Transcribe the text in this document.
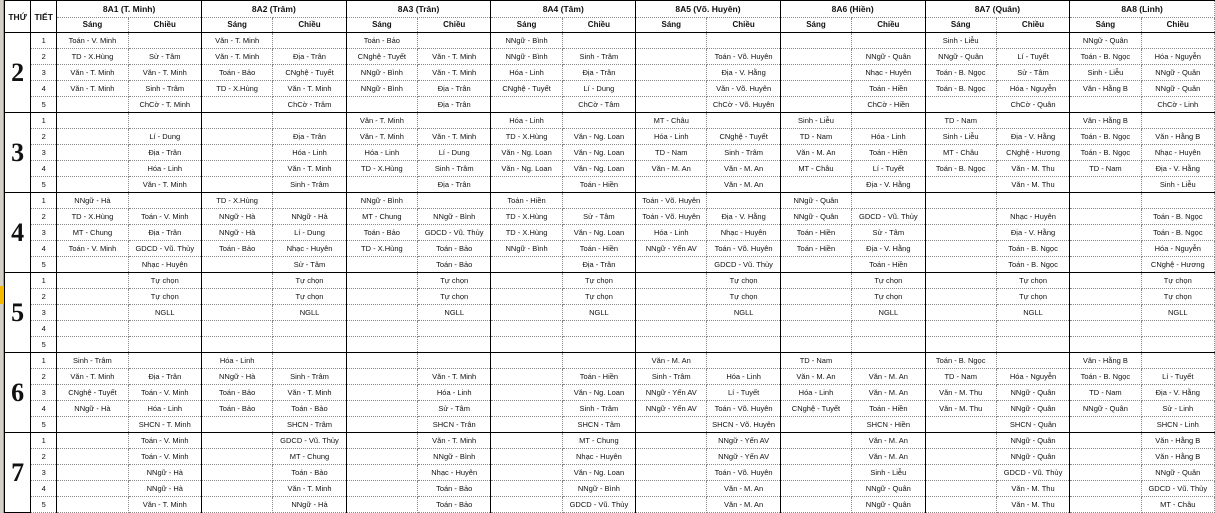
THỨ	TIẾT	8A1 (T. Minh)		8A2 (Trâm)		8A3 (Trân)		8A4 (Tâm)		8A5 (Võ. Huyên)		8A6 (Hiền)		8A7 (Quân)		8A8 (Linh)	
		Sáng	Chiều	Sáng	Chiều	Sáng	Chiều	Sáng	Chiều	Sáng	Chiều	Sáng	Chiều	Sáng	Chiều	Sáng	Chiều
2	1	Toán - V. Minh		Văn - T. Minh		Toán - Bảo		NNgữ - Bình						Sinh - Liễu		NNgữ - Quân	
	2	TD - X.Hùng	Sử - Tâm	Văn - T. Minh	Địa - Trân	CNghệ - Tuyết	Văn - T. Minh	NNgữ - Bình	Sinh - Trâm		Toán - Võ. Huyên		NNgữ - Quân	NNgữ - Quân	Lí - Tuyết	Toán - B. Ngọc	Hóa - Nguyễn
	3	Văn - T. Minh	Văn - T. Minh	Toán - Bảo	CNghệ - Tuyết	NNgữ - Bình	Văn - T. Minh	Hóa - Linh	Địa - Trân		Địa - V. Hằng		Nhạc - Huyên	Toán - B. Ngọc	Sử - Tâm	Sinh - Liễu	NNgữ - Quân
	4	Văn - T. Minh	Sinh - Trâm	TD - X.Hùng	Văn - T. Minh	NNgữ - Bình	Địa - Trân	CNghệ - Tuyết	Lí - Dung		Văn - Võ. Huyên		Toán - Hiền	Toán - B. Ngọc	Hóa - Nguyễn	Văn - Hằng B	NNgữ - Quân
	5		ChCờ - T. Minh		ChCờ - Trâm		Địa - Trân		ChCờ - Tâm		ChCờ - Võ. Huyên		ChCờ - Hiền		ChCờ - Quân		ChCờ - Linh
3	1					Văn - T. Minh		Hóa - Linh		MT - Châu		Sinh - Liễu		TD - Nam		Văn - Hằng B	
	2		Lí - Dung		Địa - Trân	Văn - T. Minh	Văn - T. Minh	TD - X.Hùng	Văn - Ng. Loan	Hóa - Linh	CNghệ - Tuyết	TD - Nam	Hóa - Linh	Sinh - Liễu	Địa - V. Hằng	Toán - B. Ngọc	Văn - Hằng B
	3		Địa - Trân		Hóa - Linh	Hóa - Linh	Lí - Dung	Văn - Ng. Loan	Văn - Ng. Loan	TD - Nam	Sinh - Trâm	Văn - M. An	Toán - Hiền	MT - Châu	CNghệ - Hương	Toán - B. Ngọc	Nhạc - Huyên
	4		Hóa - Linh		Văn - T. Minh	TD - X.Hùng	Sinh - Trâm	Văn - Ng. Loan	Văn - Ng. Loan	Văn - M. An	Văn - M. An	MT - Châu	Lí - Tuyết	Toán - B. Ngọc	Văn - M. Thu	TD - Nam	Địa - V. Hằng
	5		Văn - T. Minh		Sinh - Trâm		Địa - Trân		Toán - Hiền		Văn - M. An		Địa - V. Hằng		Văn - M. Thu		Sinh - Liễu
4	1	NNgữ - Hà		TD - X.Hùng		NNgữ - Bình		Toán - Hiền		Toán - Võ. Huyên		NNgữ - Quân					
	2	TD - X.Hùng	Toán - V. Minh	NNgữ - Hà	NNgữ - Hà	MT - Chung	NNgữ - Bình	TD - X.Hùng	Sử - Tâm	Toán - Võ. Huyên	Địa - V. Hằng	NNgữ - Quân	GDCD - Vũ. Thủy		Nhạc - Huyên		Toán - B. Ngọc
	3	MT - Chung	Địa - Trân	NNgữ - Hà	Lí - Dung	Toán - Bảo	GDCD - Vũ. Thủy	TD - X.Hùng	Văn - Ng. Loan	Hóa - Linh	Nhạc - Huyên	Toán - Hiền	Sử - Tâm		Địa - V. Hằng		Toán - B. Ngọc
	4	Toán - V. Minh	GDCD - Vũ. Thủy	Toán - Bảo	Nhạc - Huyên	TD - X.Hùng	Toán - Bảo	NNgữ - Bình	Toán - Hiền	NNgữ - Yến AV	Toán - Võ. Huyên	Toán - Hiền	Địa - V. Hằng		Toán - B. Ngọc		Hóa - Nguyễn
	5		Nhạc - Huyên		Sử - Tâm		Toán - Bảo		Địa - Trân		GDCD - Vũ. Thủy		Toán - Hiền		Toán - B. Ngọc		CNghệ - Hương
5	1		Tự chọn		Tự chọn		Tự chọn		Tự chọn		Tự chọn		Tự chọn		Tự chọn		Tự chọn
	2		Tự chọn		Tự chọn		Tự chọn		Tự chọn		Tự chọn		Tự chọn		Tự chọn		Tự chọn
	3		NGLL		NGLL		NGLL		NGLL		NGLL		NGLL		NGLL		NGLL
	4																
	5																
6	1	Sinh - Trâm		Hóa - Linh						Văn - M. An		TD - Nam		Toán - B. Ngọc		Văn - Hằng B	
	2	Văn - T. Minh	Địa - Trân	NNgữ - Hà	Sinh - Trâm		Văn - T. Minh		Toán - Hiền	Sinh - Trâm	Hóa - Linh	Văn - M. An	Văn - M. An	TD - Nam	Hóa - Nguyễn	Toán - B. Ngọc	Lí - Tuyết
	3	CNghệ - Tuyết	Toán - V. Minh	Toán - Bảo	Văn - T. Minh		Hóa - Linh		Văn - Ng. Loan	NNgữ - Yến AV	Lí - Tuyết	Hóa - Linh	Văn - M. An	Văn - M. Thu	NNgữ - Quân	TD - Nam	Địa - V. Hằng
	4	NNgữ - Hà	Hóa - Linh	Toán - Bảo	Toán - Bảo		Sử - Tâm		Sinh - Trâm	NNgữ - Yến AV	Toán - Võ. Huyên	CNghệ - Tuyết	Toán - Hiền	Văn - M. Thu	NNgữ - Quân	NNgữ - Quân	Sử - Linh
	5		SHCN - T. Minh		SHCN - Trâm		SHCN - Trân		SHCN - Tâm		SHCN - Võ. Huyên		SHCN - Hiền		SHCN - Quân		SHCN - Linh
7	1		Toán - V. Minh		GDCD - Vũ. Thủy		Văn - T. Minh		MT - Chung		NNgữ - Yến AV		Văn - M. An		NNgữ - Quân		Văn - Hằng B
	2		Toán - V. Minh		MT - Chung		NNgữ - Bình		Nhạc - Huyên		NNgữ - Yến AV		Văn - M. An		NNgữ - Quân		Văn - Hằng B
	3		NNgữ - Hà		Toán - Bảo		Nhạc - Huyên		Văn - Ng. Loan		Toán - Võ. Huyên		Sinh - Liễu		GDCD - Vũ. Thủy		NNgữ - Quân
	4		NNgữ - Hà		Văn - T. Minh		Toán - Bảo		NNgữ - Bình		Văn - M. An		NNgữ - Quân		Văn - M. Thu		GDCD - Vũ. Thủy
	5		Văn - T. Minh		NNgữ - Hà		Toán - Bảo		GDCD - Vũ. Thủy		Văn - M. An		NNgữ - Quân		Văn - M. Thu		MT - Châu
